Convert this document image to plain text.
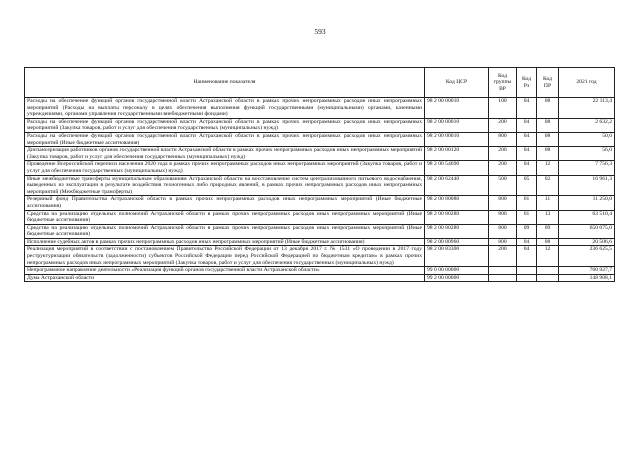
593
Наименование показателя	Код ЦСР	Код группы ВР	Код Рз	Код ПР	2021 год
Расходы на обеспечение функций органов государственной власти Астраханской области в рамках прочих непрограммных расходов иных непрограммных мероприятий (Расходы на выплаты персоналу в целях обеспечения выполнения функций государственными (муниципальными) органами, казенными учреждениями, органами управления государственными внебюджетными фондами)	98 2 00 00010	100	04	08	22 113,4
Расходы на обеспечение функций органов государственной власти Астраханской области в рамках прочих непрограммных расходов иных непрограммных мероприятий (Закупка товаров, работ и услуг для обеспечения государственных (муниципальных) нужд)	98 2 00 00010	200	04	08	2 632,2
Расходы на обеспечение функций органов государственной власти Астраханской области в рамках прочих непрограммных расходов иных непрограммных мероприятий (Иные бюджетные ассигнования)	98 2 00 00010	800	04	08	50,0
Диспансеризация работников органов государственной власти Астраханской области в рамках прочих непрограммных расходов иных непрограммных мероприятий (Закупка товаров, работ и услуг для обеспечения государственных (муниципальных) нужд)	98 2 00 00120	200	04	08	56,0
Проведение Всероссийской переписи населения 2020 года в рамках прочих непрограммных расходов иных непрограммных мероприятий (Закупка товаров, работ и услуг для обеспечения государственных (муниципальных) нужд)	98 2 00 54690	200	04	12	7 756,3
Иные межбюджетные трансферты муниципальным образованиям Астраханской области на восстановление систем централизованного питьевого водоснабжения, выведенных из эксплуатации в результате воздействия техногенных либо природных явлений, в рамках прочих непрограммных расходов иных непрограммных мероприятий (Межбюджетные трансферты)	98 2 00 62440	500	05	02	16 961,3
Резервный фонд Правительства Астраханской области в рамках прочих непрограммных расходов иных непрограммных мероприятий (Иные бюджетные ассигнования)	98 2 00 80080	800	01	11	11 250,0
Средства на реализацию отдельных полномочий Астраханской области в рамках прочих непрограммных расходов иных непрограммных мероприятий (Иные бюджетные ассигнования)	98 2 00 80280	800	01	13	63 510,4
Средства на реализацию отдельных полномочий Астраханской области в рамках прочих непрограммных расходов иных непрограммных мероприятий (Иные бюджетные ассигнования)	98 2 00 80280	800	09	09	650 075,0
Исполнение судебных актов в рамках прочих непрограммных расходов иных непрограммных мероприятий (Иные бюджетные ассигнования)	98 2 00 80960	800	04	08	20 506,6
Реализация мероприятий в соответствии с постановлением Правительства Российской Федерации от 13 декабря 2017 г. № 1531 «О проведении в 2017 году реструктуризации обязательств (задолженности) субъектов Российской Федерации перед Российской Федерацией по бюджетным кредитам» в рамках прочих непрограммных расходов иных непрограммных мероприятий (Закупка товаров, работ и услуг для обеспечения государственных (муниципальных) нужд)	98 2 00 83300	200	04	12	236 625,5
Непрограммное направление деятельности «Реализация функций органов государственной власти Астраханской области»	99 0 00 00000				760 927,7
Дума Астраханской области	99 2 00 00000				148 908,1
